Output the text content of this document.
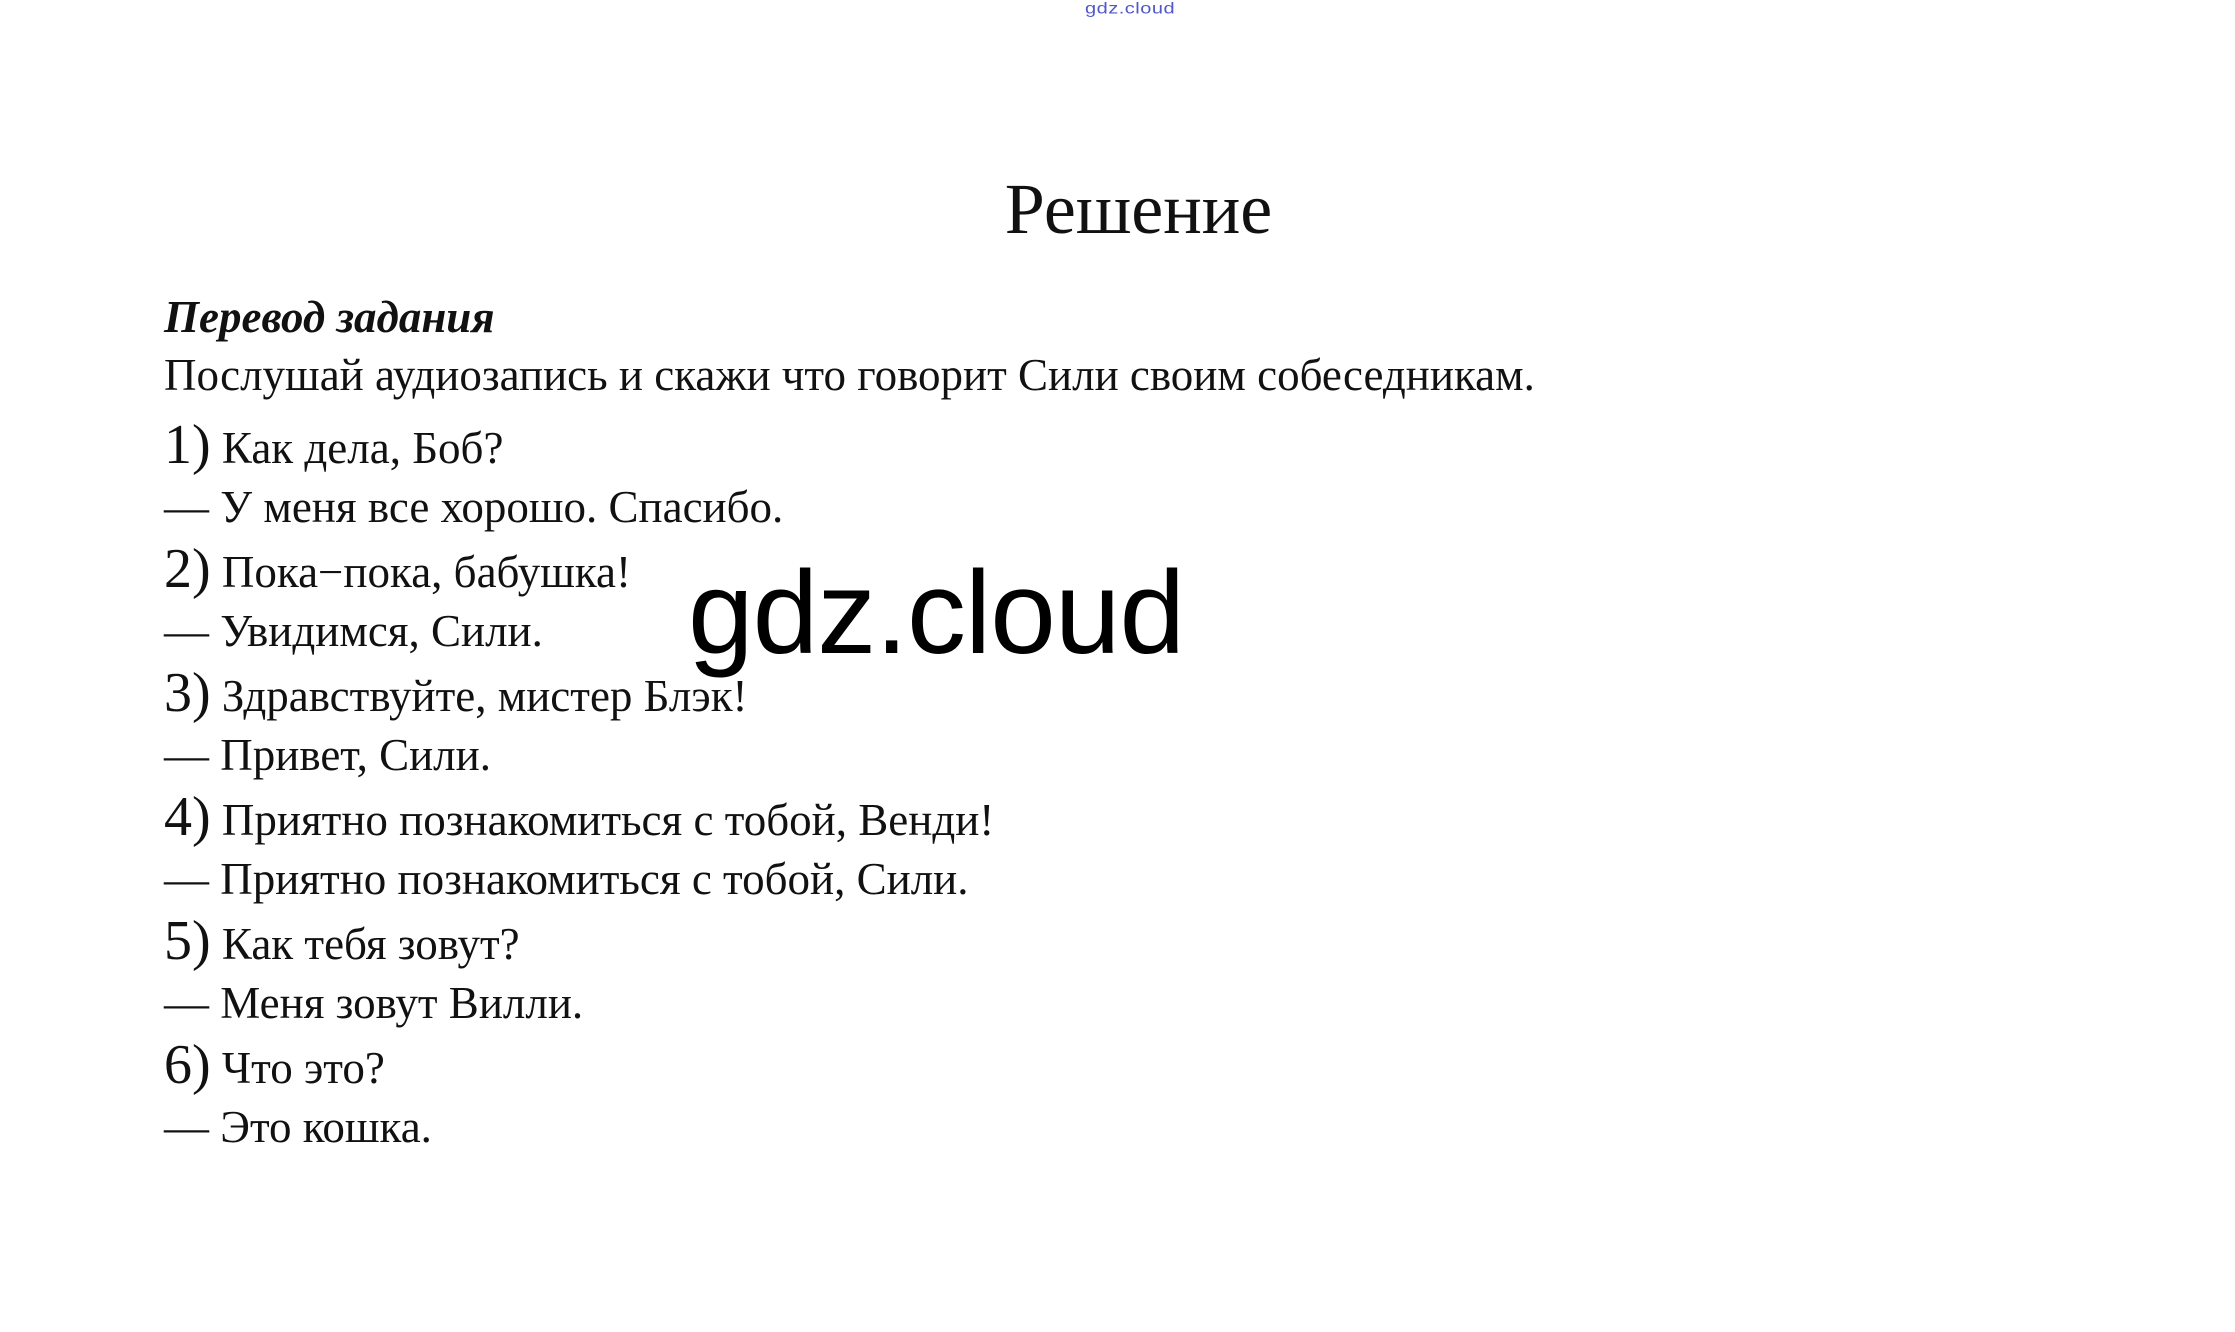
gdz.cloud
Решение

Перевод задания

Послушай аудиозапись и скажи что говорит Сили своим собеседникам.

1) Как дела, Боб?
— У меня все хорошо. Спасибо.
2) Пока−пока, бабушка!
— Увидимся, Сили.
3) Здравствуйте, мистер Блэк!
— Привет, Сили.
4) Приятно познакомиться с тобой, Венди!
— Приятно познакомиться с тобой, Сили.
5) Как тебя зовут?
— Меня зовут Вилли.
6) Что это?
— Это кошка.
gdz.cloud
